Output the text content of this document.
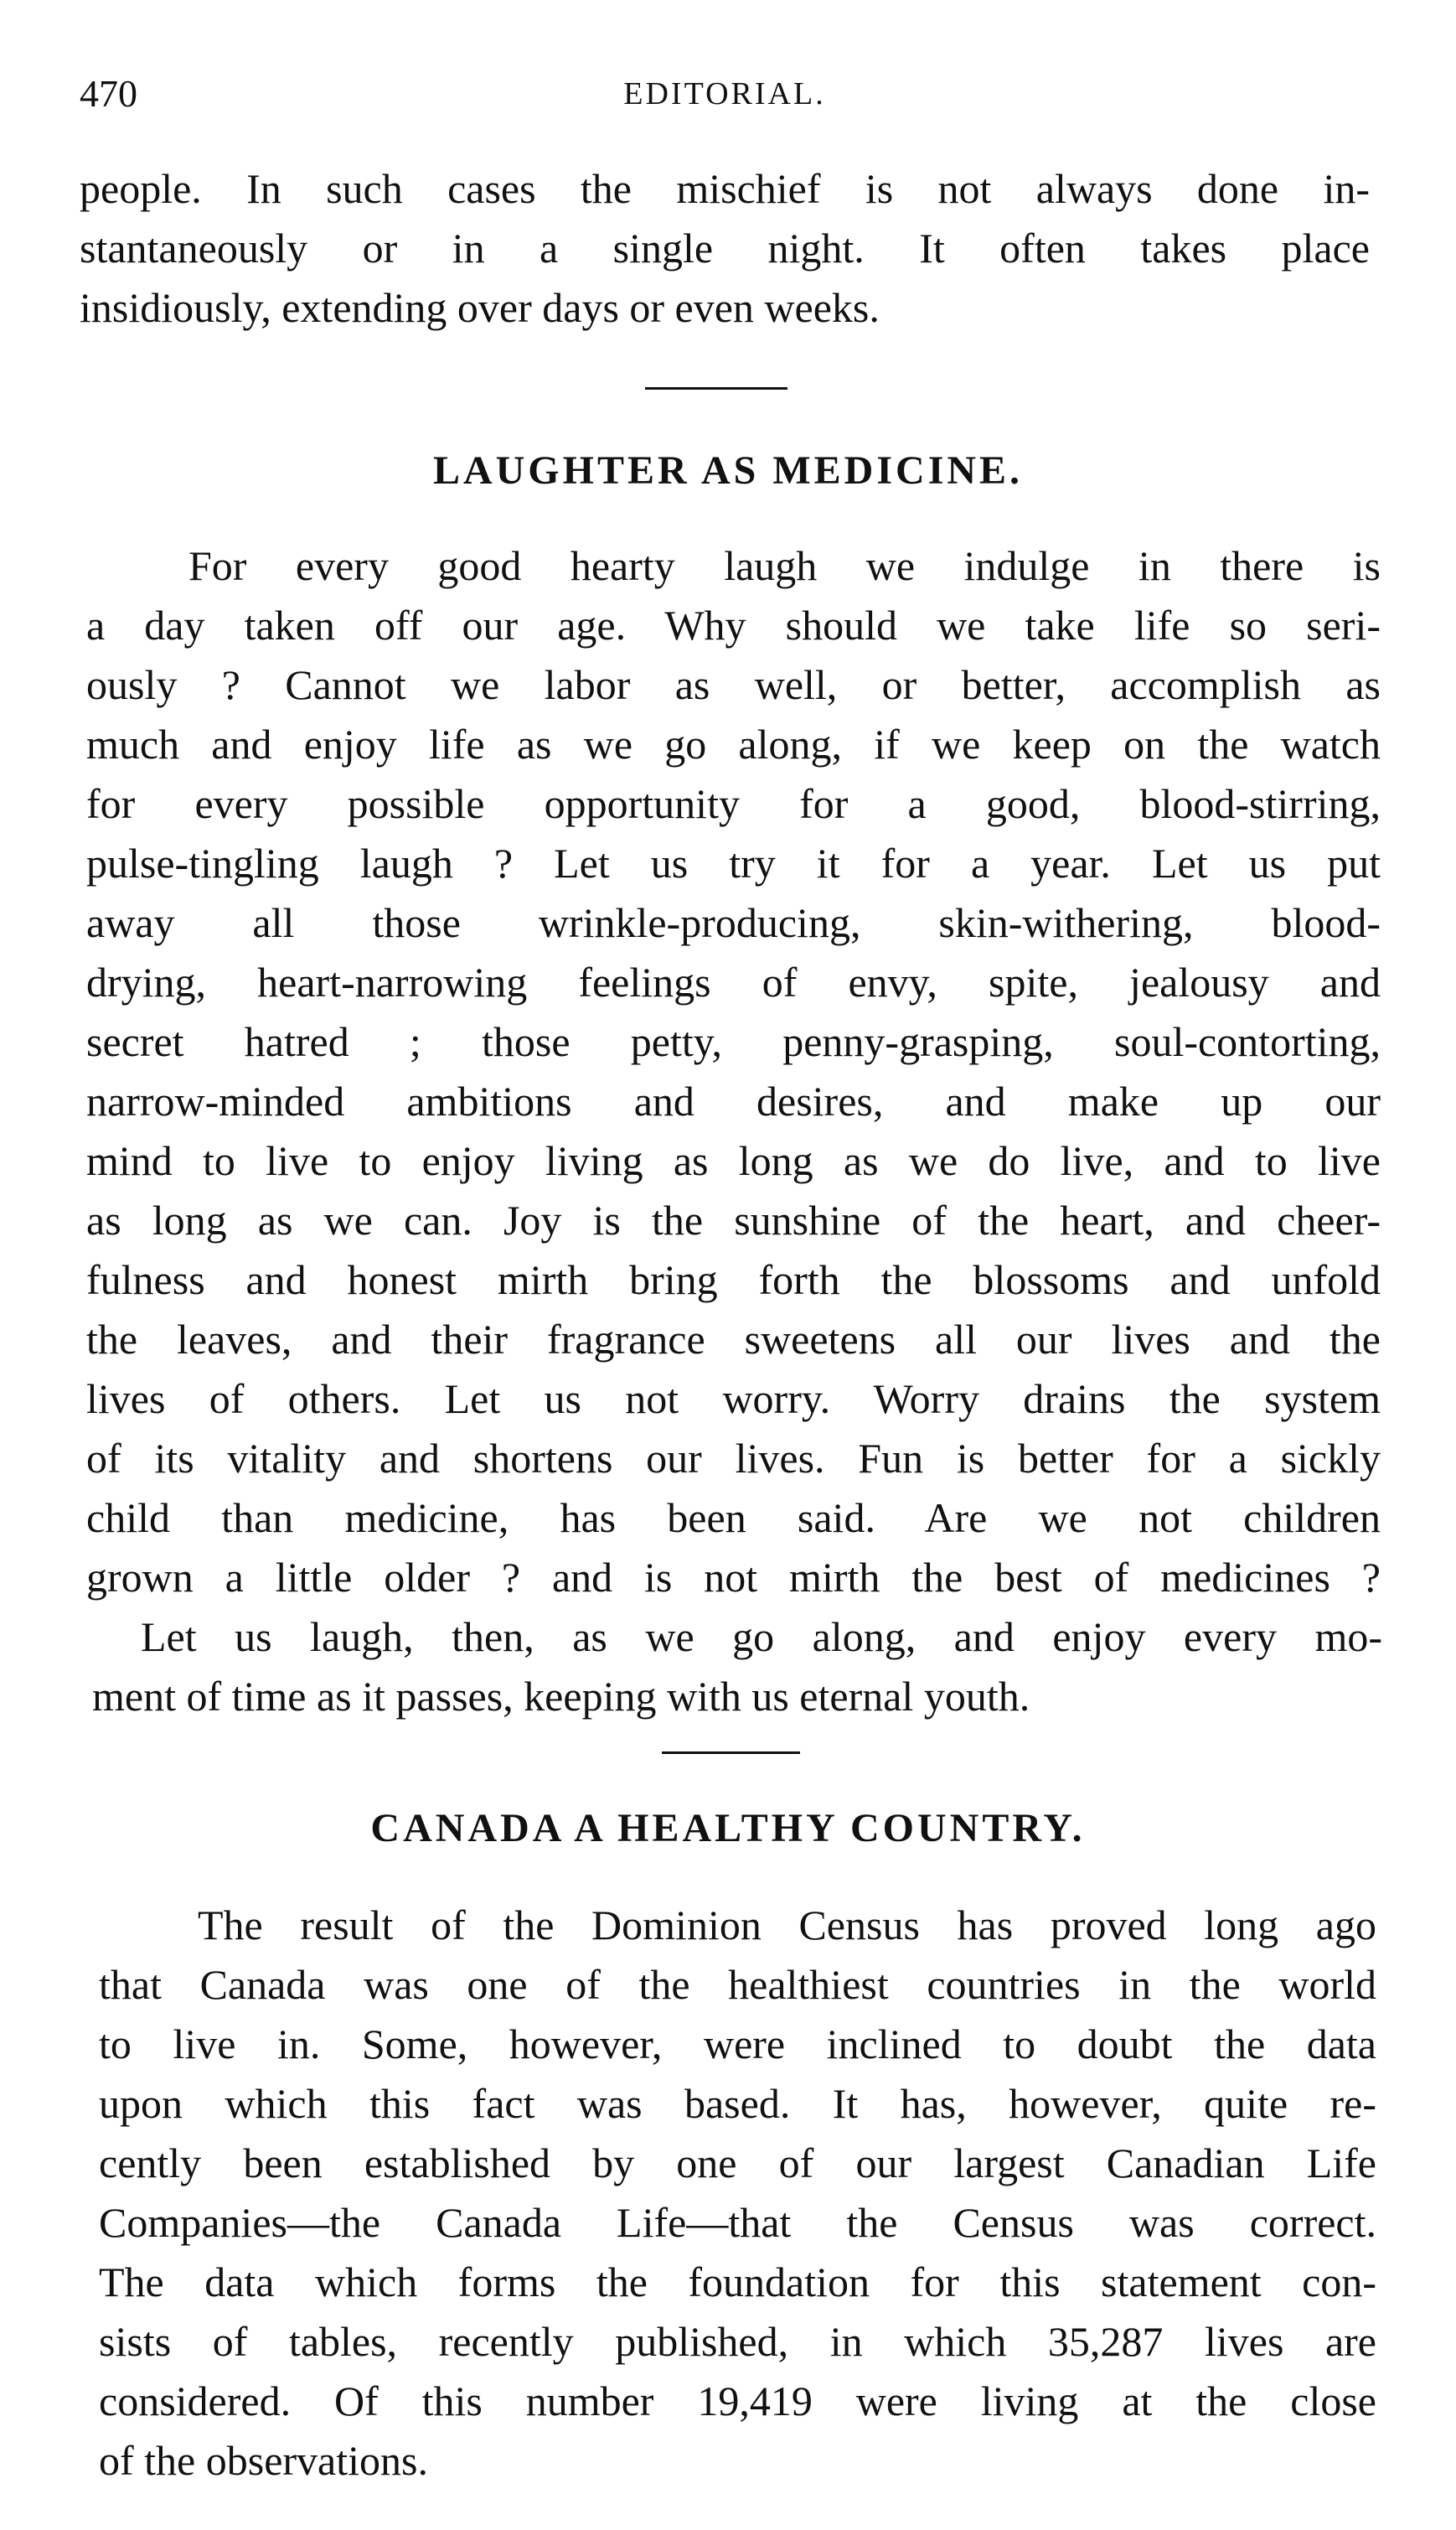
470	EDITORIAL.
people. In such cases the mischief is not always done in-
stantaneously or in a single night. It often takes place
insidiously, extending over days or even weeks.
LAUGHTER AS MEDICINE.
For every good hearty laugh we indulge in there is
a day taken off our age. Why should we take life so seri-
ously ? Cannot we labor as well, or better, accomplish as
much and enjoy life as we go along, if we keep on the watch
for every possible opportunity for a good, blood-stirring,
pulse-tingling laugh ? Let us try it for a year. Let us put
away all those wrinkle-producing, skin-withering, blood-
drying, heart-narrowing feelings of envy, spite, jealousy and
secret hatred ; those petty, penny-grasping, soul-contorting,
narrow-minded ambitions and desires, and make up our
mind to live to enjoy living as long as we do live, and to live
as long as we can. Joy is the sunshine of the heart, and cheer-
fulness and honest mirth bring forth the blossoms and unfold
the leaves, and their fragrance sweetens all our lives and the
lives of others. Let us not worry. Worry drains the system
of its vitality and shortens our lives. Fun is better for a sickly
child than medicine, has been said. Are we not children
grown a little older ? and is not mirth the best of medicines ?
Let us laugh, then, as we go along, and enjoy every mo-
ment of time as it passes, keeping with us eternal youth.
CANADA A HEALTHY COUNTRY.
The result of the Dominion Census has proved long ago
that Canada was one of the healthiest countries in the world
to live in. Some, however, were inclined to doubt the data
upon which this fact was based. It has, however, quite re-
cently been established by one of our largest Canadian Life
Companies—the Canada Life—that the Census was correct.
The data which forms the foundation for this statement con-
sists of tables, recently published, in which 35,287 lives are
considered. Of this number 19,419 were living at the close
of the observations.
